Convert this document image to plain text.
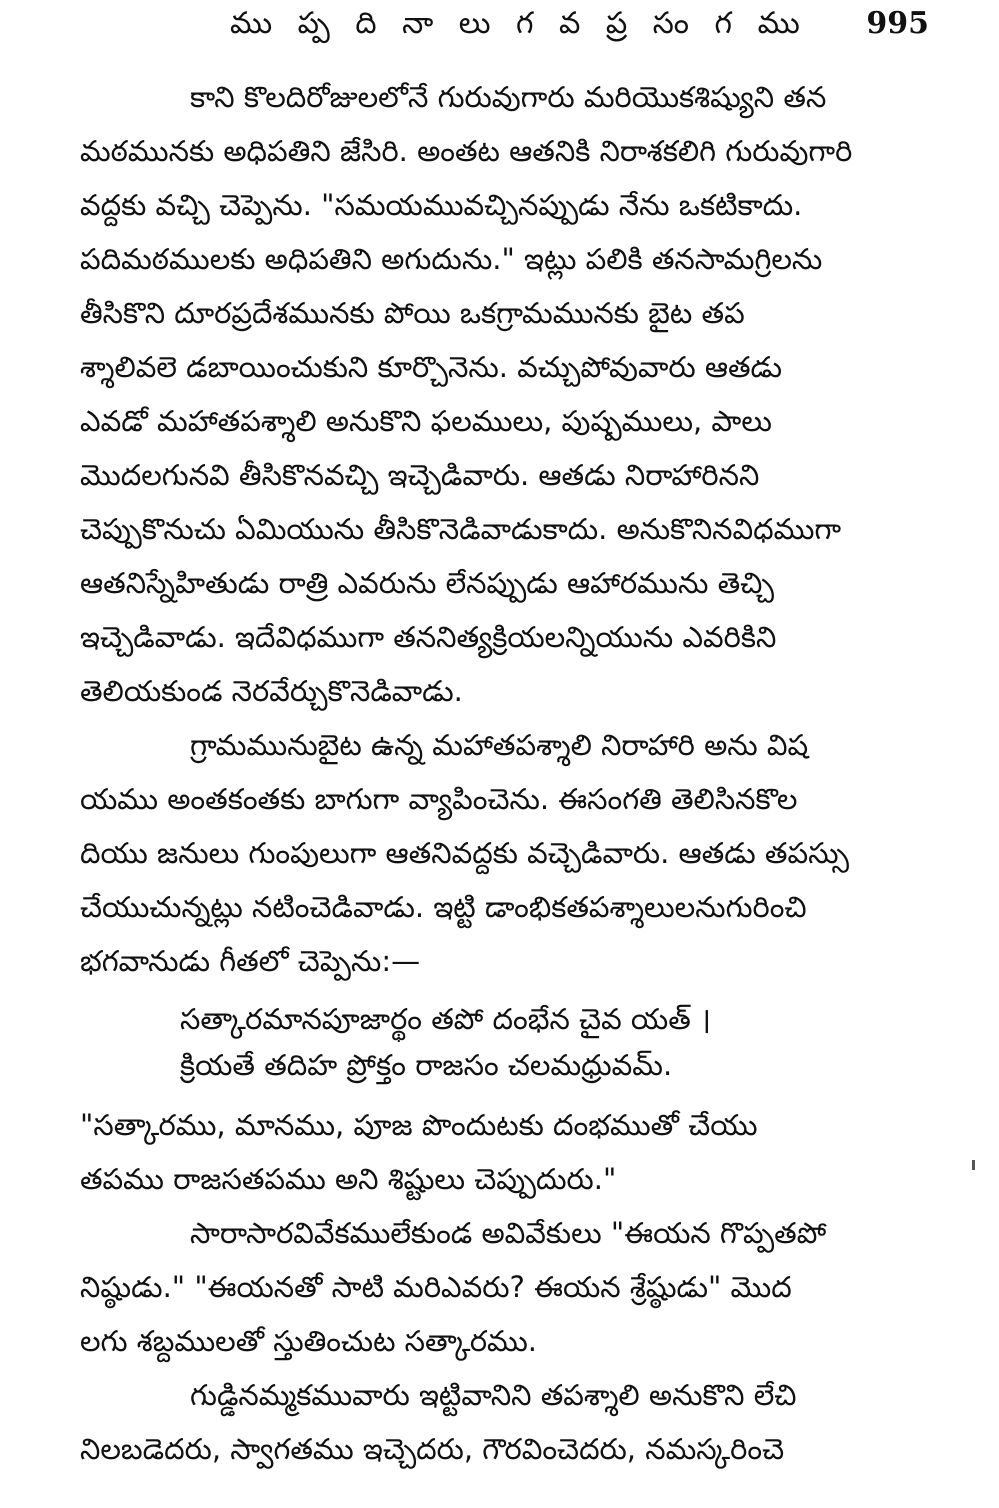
ము ప్ప ది నా లు గ వ ప్ర సం గ ము 995
కాని కొలదిరోజులలోనే గురువుగారు మరియొకశిష్యుని తన
మఠమునకు అధిపతిని జేసిరి. అంతట ఆతనికి నిరాశకలిగి గురువుగారి
వద్దకు వచ్చి చెప్పెను. "సమయమువచ్చినప్పుడు నేను ఒకటికాదు.
పదిమఠములకు అధిపతిని అగుదును." ఇట్లు పలికి తనసామగ్రిలను
తీసికొని దూరప్రదేశమునకు పోయి ఒకగ్రామమునకు బైట తప
శ్శాలివలె డబాయించుకుని కూర్చొనెను. వచ్చుపోవువారు ఆతడు
ఎవడో మహాతపశ్శాలి అనుకొని ఫలములు, పుష్పములు, పాలు
మొదలగునవి తీసికొనవచ్చి ఇచ్చెడివారు. ఆతడు నిరాహారినని
చెప్పుకొనుచు ఏమియును తీసికొనెడివాడుకాదు. అనుకొనినవిధముగా
ఆతనిస్నేహితుడు రాత్రి ఎవరును లేనప్పుడు ఆహారమును తెచ్చి
ఇచ్చెడివాడు. ఇదేవిధముగా తననిత్యక్రియలన్నియును ఎవరికిని
తెలియకుండ నెరవేర్చుకొనెడివాడు.
గ్రామమునుబైట ఉన్న మహాతపశ్శాలి నిరాహారి అను విష
యము అంతకంతకు బాగుగా వ్యాపించెను. ఈసంగతి తెలిసినకొల
దియు జనులు గుంపులుగా ఆతనివద్దకు వచ్చెడివారు. ఆతడు తపస్సు
చేయుచున్నట్లు నటించెడివాడు. ఇట్టి డాంభికతపశ్శాలులనుగురించి
భగవానుడు గీతలో చెప్పెను:—
సత్కారమానపూజార్థం తపో దంభేన చైవ యత్ ।
క్రియతే తదిహ ప్రోక్తం రాజసం చలమధ్రువమ్.
"సత్కారము, మానము, పూజ పొందుటకు దంభముతో చేయు
తపము రాజసతపము అని శిష్టులు చెప్పుదురు."
సారాసారవివేకములేకుండ అవివేకులు "ఈయన గొప్పతపో
నిష్ఠుడు." "ఈయనతో సాటి మరిఎవరు? ఈయన శ్రేష్ఠుడు" మొద
లగు శబ్దములతో స్తుతించుట సత్కారము.
గుడ్డినమ్మకమువారు ఇట్టివానిని తపశ్శాలి అనుకొని లేచి
నిలబడెదరు, స్వాగతము ఇచ్చెదరు, గౌరవించెదరు, నమస్కరించె
